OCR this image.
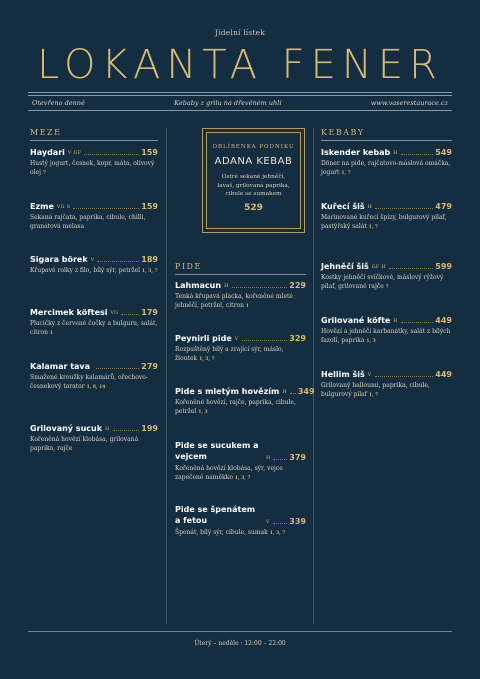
Jídelní lístek
LOKANTA FENER
Otevřeno denně	Kebaby z grilu na dřevěném uhlí	www.vaserestaurace.cz
MEZE
Haydari V GF	159
Hustý jogurt, česnek, kopr, máta, olivový olej 7
Ezme VG S	159
Sekaná rajčata, paprika, cibule, chilli, granátová melasa
Sigara börek V	189
Křupavé rolky z filo, bílý sýr, petržel 1, 3, 7
Mercimek köftesi VG	179
Placičky z červené čočky a bulguru, salát, citron 1
Kalamar tava	279
Smažené kroužky kalamárů, ořechovo-česnekový tarator 1, 8, 14
Grilovaný sucuk H	199
Kořeněná hovězí klobása, grilovaná paprika, rajče
OBLÍBENKA PODNIKU
ADANA KEBAB
Ostré sekané jehněčí, lavaš, grilovaná paprika, cibule se sumakem
529
PIDE
Lahmacun H	229
Tenká křupavá placka, kořeněné mleté jehněčí, petržel, citron 1
Peynirli pide V	329
Rozpuštěný bílý a zrající sýr, máslo, žloutek 1, 3, 7
Pide s mletým hovězím H 349
Kořeněné hovězí, rajče, paprika, cibule, petržel 1, 3
Pide se sucukem a vejcem	H 379
Kořeněná hovězí klobása, sýr, vejce zapečené naměkko 1, 3, 7
Pide se špenátem a fetou	V 339
Špenát, bílý sýr, cibule, sumak 1, 3, 7
KEBABY
Iskender kebab H	549
Döner na pide, rajčatovo-máslová omáčka, jogurt 1, 7
Kuřecí šiš H	479
Marinované kuřecí špízy, bulgurový pilaf, pastýřský salát 1, 7
Jehněčí šiš GF H	599
Kostky jehněčí svíčkové, máslový rýžový pilaf, grilované rajče 7
Grilované köfte H	449
Hovězí a jehněčí karbanátky, salát z bílých fazolí, paprika 1, 3
Hellim šiš V	449
Grilovaný halloumi, paprika, cibule, bulgurový pilaf 1, 7
Úterý – neděle · 12:00 – 22:00
